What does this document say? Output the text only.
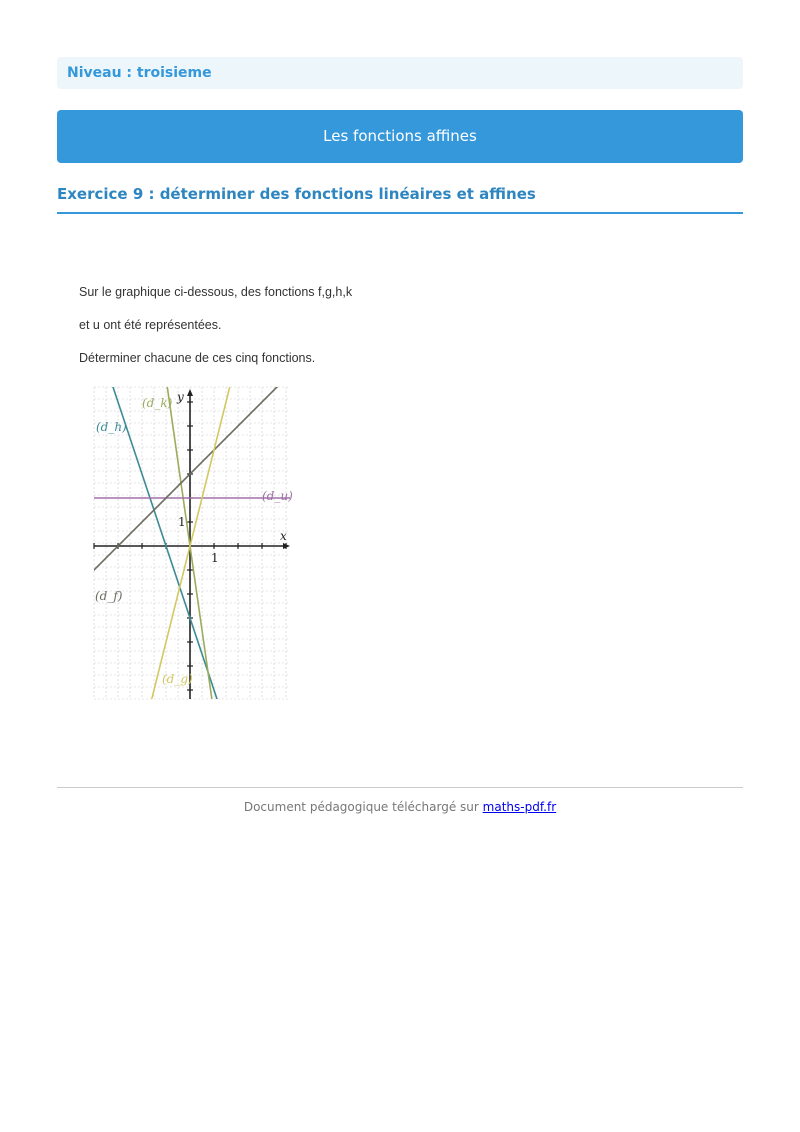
Niveau : troisieme
Les fonctions affines
Exercice 9 : déterminer des fonctions linéaires et affines

Sur le graphique ci-dessous, des fonctions f,g,h,k

et u ont été représentées.

Déterminer chacune de ces cinq fonctions.

x
y
1
1
(d_h)
(d_k)
(d_u)
(d_f)
(d_g)
Document pédagogique téléchargé sur maths-pdf.fr
